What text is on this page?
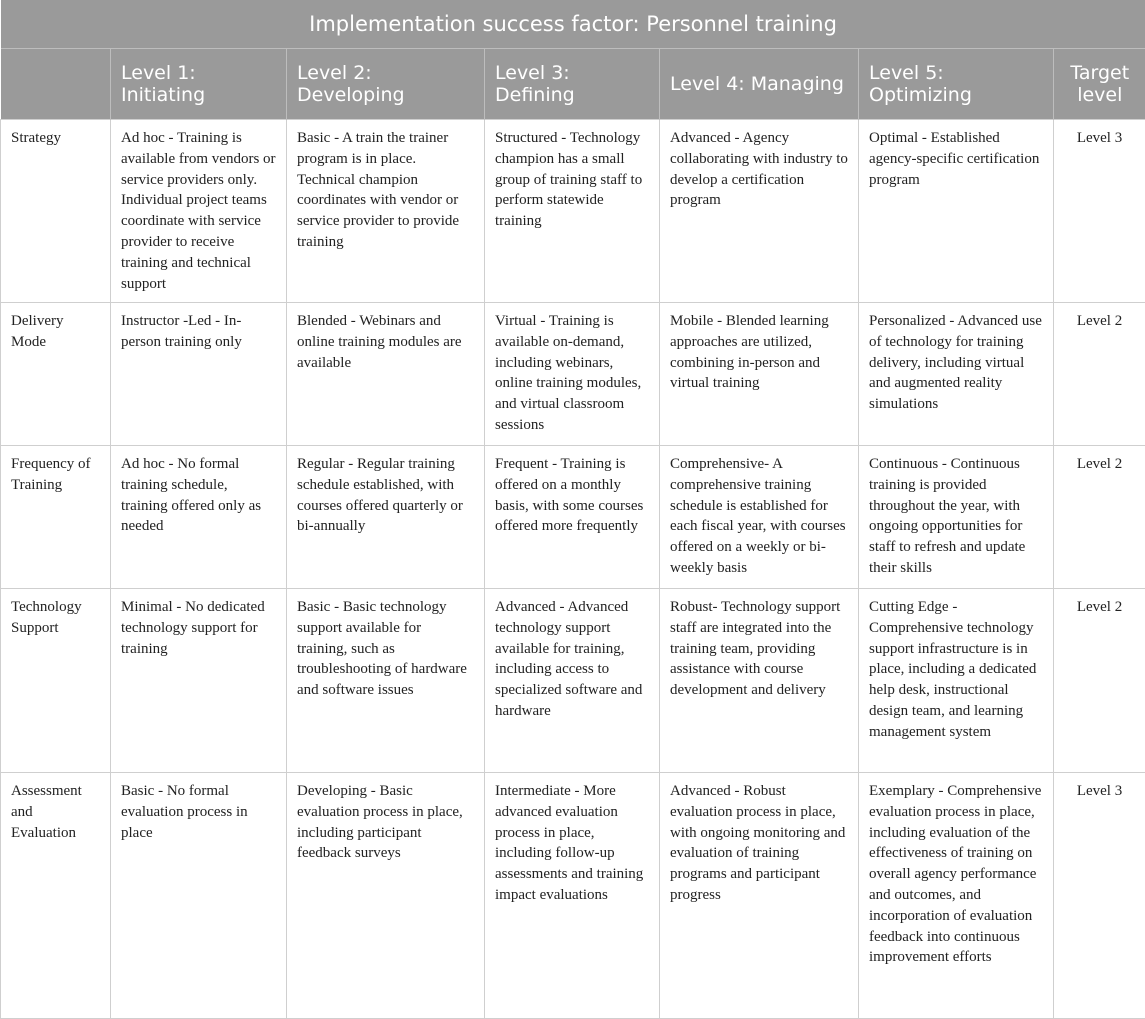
Implementation success factor: Personnel training						
	Level 1: Initiating	Level 2: Developing	Level 3: Defining	Level 4: Managing	Level 5: Optimizing	Target level
Strategy	Ad hoc - Training is available from vendors or service providers only. Individual project teams coordinate with service provider to receive training and technical support	Basic - A train the trainer program is in place. Technical champion coordinates with vendor or service provider to provide training	Structured - Technology champion has a small group of training staff to perform statewide training	Advanced - Agency collaborating with industry to develop a certification program	Optimal - Established agency-specific certification program	Level 3
Delivery Mode	Instructor -Led - In-person training only	Blended - Webinars and online training modules are available	Virtual - Training is available on-demand, including webinars, online training modules, and virtual classroom sessions	Mobile - Blended learning approaches are utilized, combining in-person and virtual training	Personalized - Advanced use of technology for training delivery, including virtual and augmented reality simulations	Level 2
Frequency of Training	Ad hoc - No formal training schedule, training offered only as needed	Regular - Regular training schedule established, with courses offered quarterly or bi-annually	Frequent - Training is offered on a monthly basis, with some courses offered more frequently	Comprehensive- A comprehensive training schedule is established for each fiscal year, with courses offered on a weekly or bi-weekly basis	Continuous - Continuous training is provided throughout the year, with ongoing opportunities for staff to refresh and update their skills	Level 2
Technology Support	Minimal - No dedicated technology support for training	Basic - Basic technology support available for training, such as troubleshooting of hardware and software issues	Advanced - Advanced technology support available for training, including access to specialized software and hardware	Robust- Technology support staff are integrated into the training team, providing assistance with course development and delivery	Cutting Edge - Comprehensive technology support infrastructure is in place, including a dedicated help desk, instructional design team, and learning management system	Level 2
Assessment and Evaluation	Basic - No formal evaluation process in place	Developing - Basic evaluation process in place, including participant feedback surveys	Intermediate - More advanced evaluation process in place, including follow-up assessments and training impact evaluations	Advanced - Robust evaluation process in place, with ongoing monitoring and evaluation of training programs and participant progress	Exemplary - Comprehensive evaluation process in place, including evaluation of the effectiveness of training on overall agency performance and outcomes, and incorporation of evaluation feedback into continuous improvement efforts	Level 3
